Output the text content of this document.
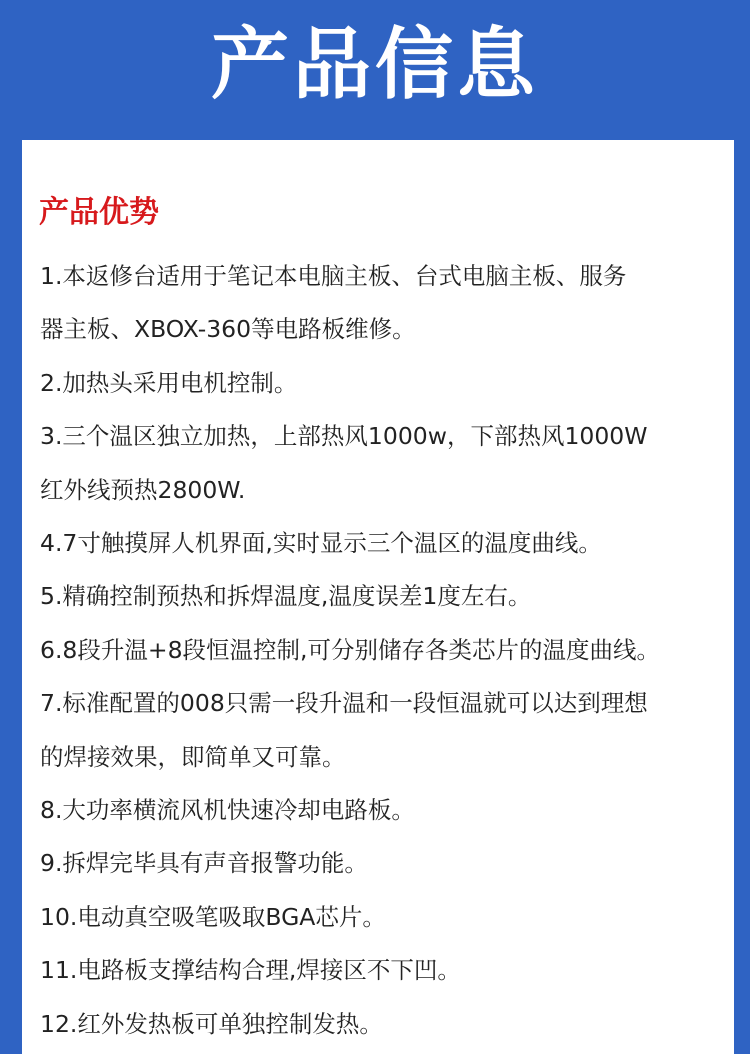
产品信息
产品优势
1.本返修台适用于笔记本电脑主板、台式电脑主板、服务
器主板、XBOX-360等电路板维修。
2.加热头采用电机控制。
3.三个温区独立加热，上部热风1000w，下部热风1000W
红外线预热2800W.
4.7寸触摸屏人机界面,实时显示三个温区的温度曲线。
5.精确控制预热和拆焊温度,温度误差1度左右。
6.8段升温+8段恒温控制,可分别储存各类芯片的温度曲线。
7.标准配置的008只需一段升温和一段恒温就可以达到理想
的焊接效果，即简单又可靠。
8.大功率横流风机快速冷却电路板。
9.拆焊完毕具有声音报警功能。
10.电动真空吸笔吸取BGA芯片。
11.电路板支撑结构合理,焊接区不下凹。
12.红外发热板可单独控制发热。
